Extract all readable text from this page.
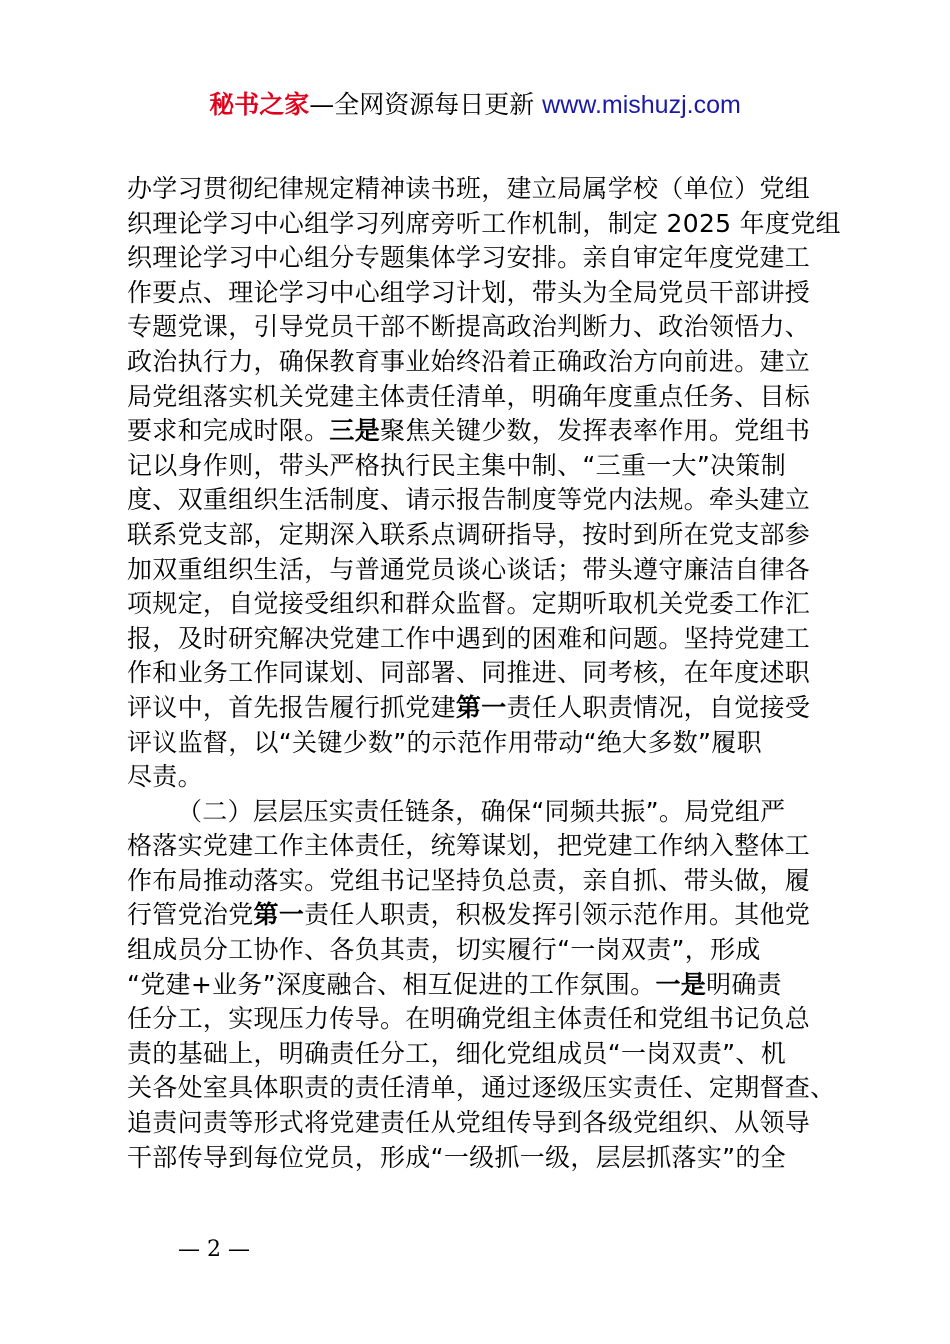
秘书之家—全网资源每日更新 www.mishuzj.com
办学习贯彻纪律规定精神读书班，建立局属学校（单位）党组
织理论学习中心组学习列席旁听工作机制，制定 2025 年度党组
织理论学习中心组分专题集体学习安排。亲自审定年度党建工
作要点、理论学习中心组学习计划，带头为全局党员干部讲授
专题党课，引导党员干部不断提高政治判断力、政治领悟力、
政治执行力，确保教育事业始终沿着正确政治方向前进。建立
局党组落实机关党建主体责任清单，明确年度重点任务、目标
要求和完成时限。三是聚焦关键少数，发挥表率作用。党组书
记以身作则，带头严格执行民主集中制、“三重一大”决策制
度、双重组织生活制度、请示报告制度等党内法规。牵头建立
联系党支部，定期深入联系点调研指导，按时到所在党支部参
加双重组织生活，与普通党员谈心谈话；带头遵守廉洁自律各
项规定，自觉接受组织和群众监督。定期听取机关党委工作汇
报，及时研究解决党建工作中遇到的困难和问题。坚持党建工
作和业务工作同谋划、同部署、同推进、同考核，在年度述职
评议中，首先报告履行抓党建第一责任人职责情况，自觉接受
评议监督，以“关键少数”的示范作用带动“绝大多数”履职
尽责。
（二）层层压实责任链条，确保“同频共振”。局党组严
格落实党建工作主体责任，统筹谋划，把党建工作纳入整体工
作布局推动落实。党组书记坚持负总责，亲自抓、带头做，履
行管党治党第一责任人职责，积极发挥引领示范作用。其他党
组成员分工协作、各负其责，切实履行“一岗双责”，形成
“党建+业务”深度融合、相互促进的工作氛围。一是明确责
任分工，实现压力传导。在明确党组主体责任和党组书记负总
责的基础上，明确责任分工，细化党组成员“一岗双责”、机
关各处室具体职责的责任清单，通过逐级压实责任、定期督查、
追责问责等形式将党建责任从党组传导到各级党组织、从领导
干部传导到每位党员，形成“一级抓一级，层层抓落实”的全
— 2 —
